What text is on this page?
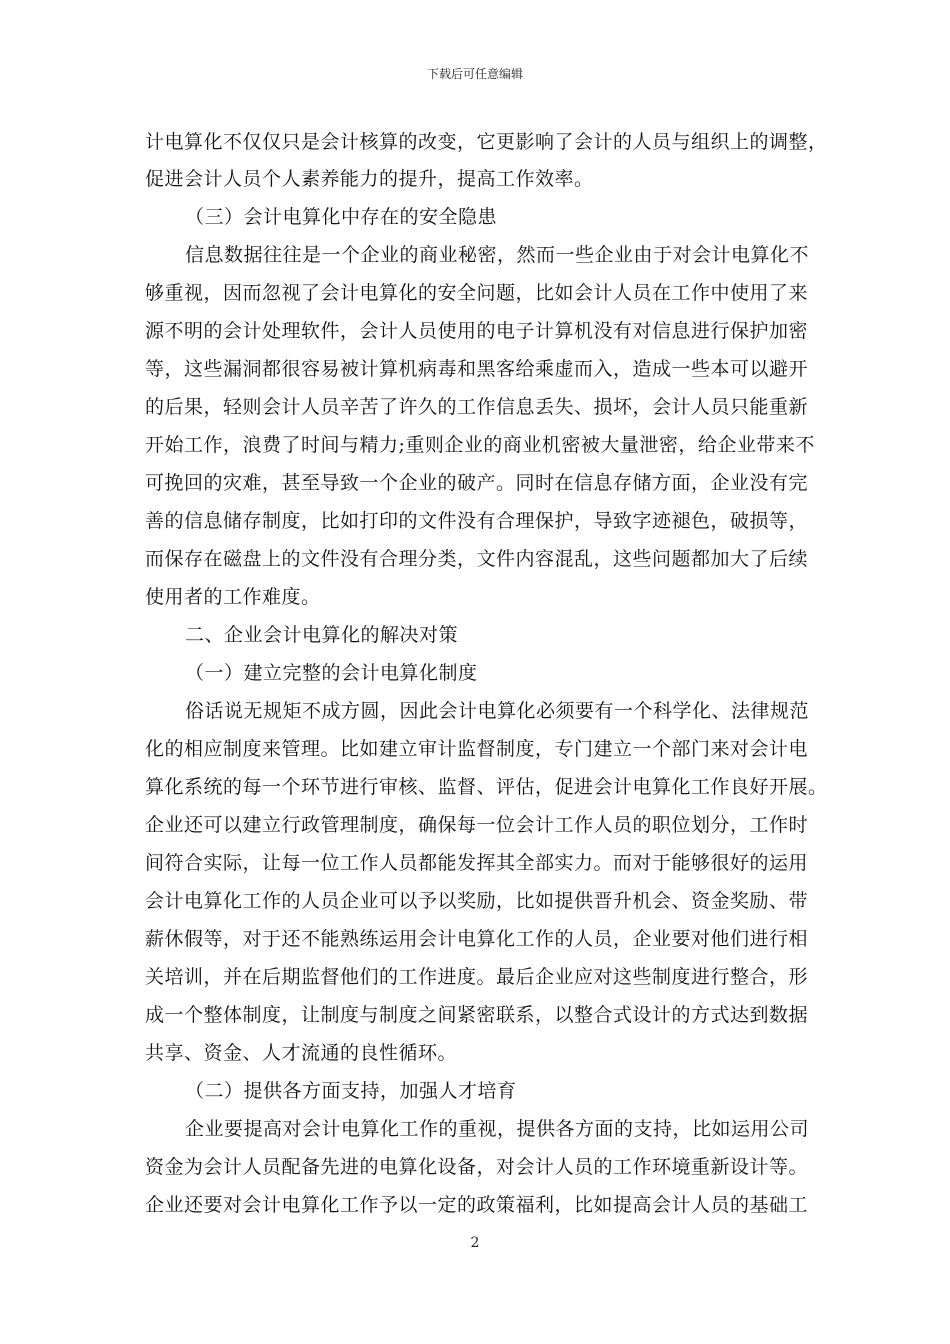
下载后可任意编辑
计电算化不仅仅只是会计核算的改变，它更影响了会计的人员与组织上的调整，
促进会计人员个人素养能力的提升，提高工作效率。
（三）会计电算化中存在的安全隐患
信息数据往往是一个企业的商业秘密，然而一些企业由于对会计电算化不
够重视，因而忽视了会计电算化的安全问题，比如会计人员在工作中使用了来
源不明的会计处理软件，会计人员使用的电子计算机没有对信息进行保护加密
等，这些漏洞都很容易被计算机病毒和黑客给乘虚而入，造成一些本可以避开
的后果，轻则会计人员辛苦了许久的工作信息丢失、损坏，会计人员只能重新
开始工作，浪费了时间与精力;重则企业的商业机密被大量泄密，给企业带来不
可挽回的灾难，甚至导致一个企业的破产。同时在信息存储方面，企业没有完
善的信息储存制度，比如打印的文件没有合理保护，导致字迹褪色，破损等，
而保存在磁盘上的文件没有合理分类，文件内容混乱，这些问题都加大了后续
使用者的工作难度。
二、企业会计电算化的解决对策
（一）建立完整的会计电算化制度
俗话说无规矩不成方圆，因此会计电算化必须要有一个科学化、法律规范
化的相应制度来管理。比如建立审计监督制度，专门建立一个部门来对会计电
算化系统的每一个环节进行审核、监督、评估，促进会计电算化工作良好开展。
企业还可以建立行政管理制度，确保每一位会计工作人员的职位划分，工作时
间符合实际，让每一位工作人员都能发挥其全部实力。而对于能够很好的运用
会计电算化工作的人员企业可以予以奖励，比如提供晋升机会、资金奖励、带
薪休假等，对于还不能熟练运用会计电算化工作的人员，企业要对他们进行相
关培训，并在后期监督他们的工作进度。最后企业应对这些制度进行整合，形
成一个整体制度，让制度与制度之间紧密联系，以整合式设计的方式达到数据
共享、资金、人才流通的良性循环。
（二）提供各方面支持，加强人才培育
企业要提高对会计电算化工作的重视，提供各方面的支持，比如运用公司
资金为会计人员配备先进的电算化设备，对会计人员的工作环境重新设计等。
企业还要对会计电算化工作予以一定的政策福利，比如提高会计人员的基础工
2
